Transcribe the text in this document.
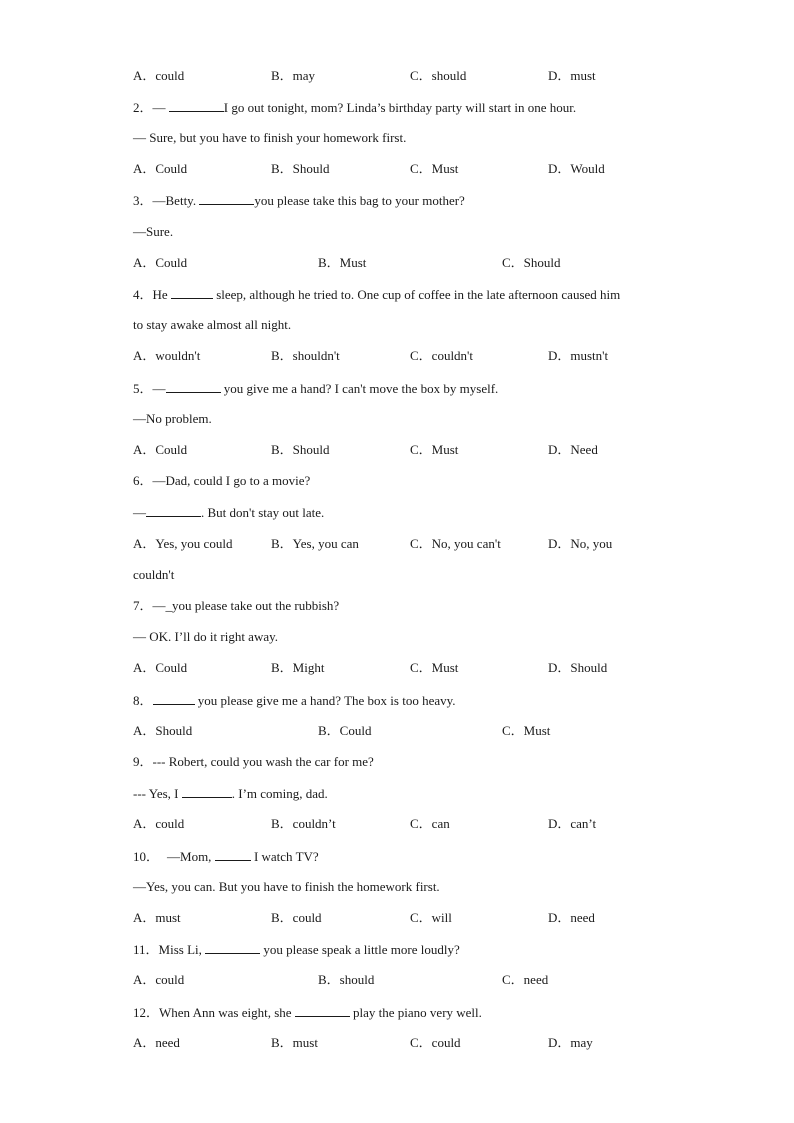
A．could	B．may	C．should	D．must
2．—	I go out tonight, mom? Linda’s birthday party will start in one hour.
— Sure, but you have to finish your homework first.
A．Could	B．Should	C．Must	D．Would
3．—Betty.	you please take this bag to your mother?
—Sure.
A．Could	B．Must	C．Should
4．He	sleep, although he tried to. One cup of coffee in the late afternoon caused him
to stay awake almost all night.
A．wouldn't	B．shouldn't	C．couldn't	D．mustn't
5．—	you give me a hand? I can't move the box by myself.
—No problem.
A．Could	B．Should	C．Must	D．Need
6．—Dad, could I go to a movie?
—	. But don't stay out late.
A．Yes, you could	B．Yes, you can	C．No, you can't	D．No, you
couldn't
7．—_you please take out the rubbish?
— OK. I’ll do it right away.
A．Could	B．Might	C．Must	D．Should
8．	you please give me a hand? The box is too heavy.
A．Should	B．Could	C．Must
9．--- Robert, could you wash the car for me?
--- Yes, I	. I’m coming, dad.
A．could	B．couldn’t	C．can	D．can’t
10． —Mom,	I watch TV?
—Yes, you can. But you have to finish the homework first.
A．must	B．could	C．will	D．need
11．Miss Li,	you please speak a little more loudly?
A．could	B．should	C．need
12．When Ann was eight, she	play the piano very well.
A．need	B．must	C．could	D．may
